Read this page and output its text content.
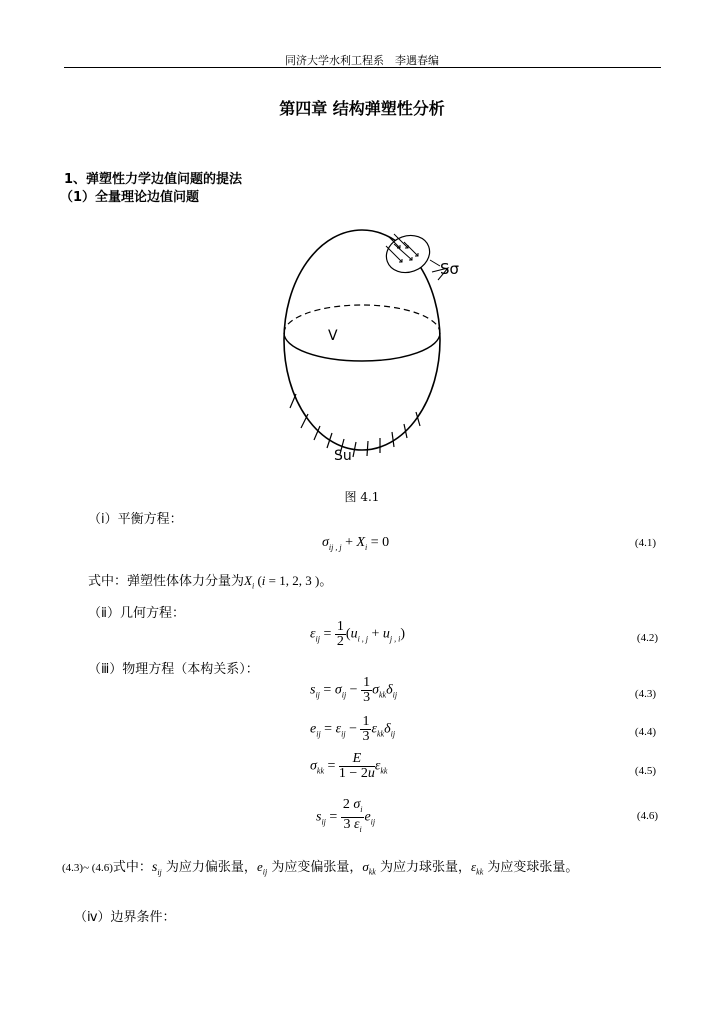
同济大学水利工程系　李遇春编
第四章 结构弹塑性分析
1、弹塑性力学边值问题的提法
（1）全量理论边值问题
Sσ
V
Su
图 4.1
（ⅰ）平衡方程：
$\sigma_{ij , j} + X_i = 0$	(4.1)
式中：弹塑性体体力分量为$X_i$ (i = 1, 2, 3 )。
（ⅱ）几何方程：
$\varepsilon_{ij} = \frac{1}{2} (u_{i , j} + u_{j , i})$	(4.2)
（ⅲ）物理方程（本构关系）：
$s_{ij} = \sigma_{ij} - \frac{1}{3} \sigma_{kk}\delta_{ij}$	(4.3)
$e_{ij} = \varepsilon_{ij} - \frac{1}{3} \varepsilon_{kk}\delta_{ij}$	(4.4)
$\sigma_{kk} = \frac{E}{1 - 2u} \varepsilon_{kk}$	(4.5)
$s_{ij} = \frac{2 \sigma_i}{3 \varepsilon_i} e_{ij}$	(4.6)
(4.3)~ (4.6)式中：$s_{ij}$ 为应力偏张量，$e_{ij}$ 为应变偏张量，$\sigma_{kk}$ 为应力球张量，$\varepsilon_{kk}$ 为应变球张量。
（ⅳ）边界条件：
